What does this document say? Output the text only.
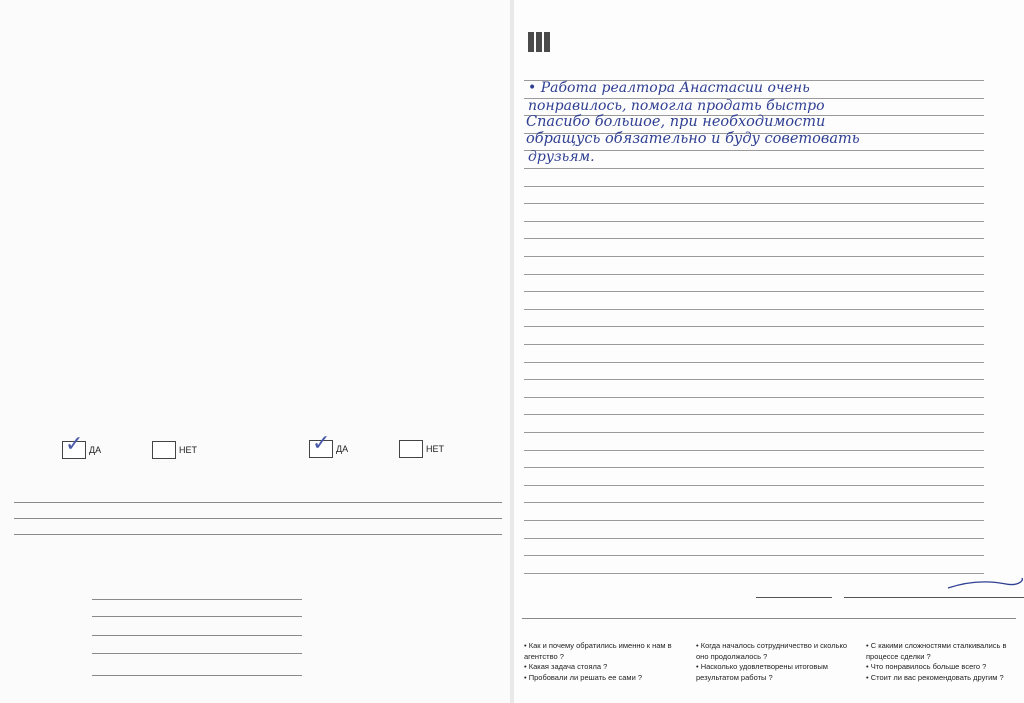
✓ ДА	НЕТ	✓ ДА	НЕТ
• Работа реалтора Анастасии очень
понравилось, помогла продать быстро
Спасибо большое, при необходимости
обращусь обязательно и буду советовать
друзьям.
• Как и почему обратились именно к нам в
агентство ?
• Какая задача стояла ?
• Пробовали ли решать ее сами ?
• Когда началось сотрудничество и сколько
оно продолжалось ?
• Насколько удовлетворены итоговым
результатом работы ?
• С какими сложностями сталкивались в
процессе сделки ?
• Что понравилось больше всего ?
• Стоит ли вас рекомендовать другим ?
